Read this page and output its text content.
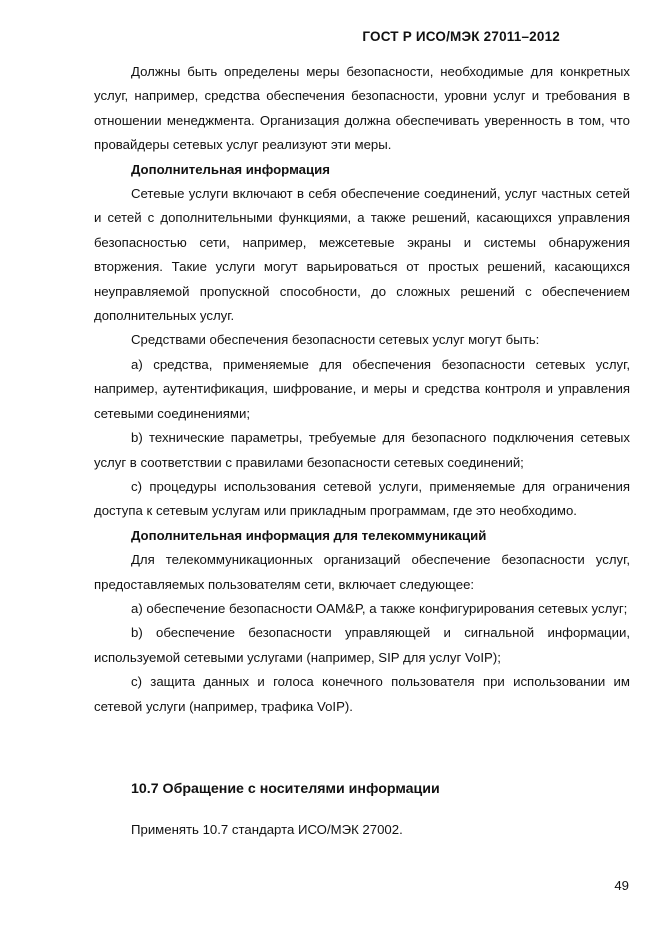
ГОСТ Р ИСО/МЭК 27011–2012

Должны быть определены меры безопасности, необходимые для конкретных услуг, например, средства обеспечения безопасности, уровни услуг и требования в отношении менеджмента. Организация должна обеспечивать уверенность в том, что провайдеры сетевых услуг реализуют эти меры.

Дополнительная информация

Сетевые услуги включают в себя обеспечение соединений, услуг частных сетей и сетей с дополнительными функциями, а также решений, касающихся управления безопасностью сети, например, межсетевые экраны и системы обнаружения вторжения. Такие услуги могут варьироваться от простых решений, касающихся неуправляемой пропускной способности, до сложных решений с обеспечением дополнительных услуг.

Средствами обеспечения безопасности сетевых услуг могут быть:

a) средства, применяемые для обеспечения безопасности сетевых услуг, например, аутентификация, шифрование, и меры и средства контроля и управления сетевыми соединениями;

b) технические параметры, требуемые для безопасного подключения сетевых услуг в соответствии с правилами безопасности сетевых соединений;

c) процедуры использования сетевой услуги, применяемые для ограничения доступа к сетевым услугам или прикладным программам, где это необходимо.

Дополнительная информация для телекоммуникаций

Для телекоммуникационных организаций обеспечение безопасности услуг, предоставляемых пользователям сети, включает следующее:

a) обеспечение безопасности OAM&P, а также конфигурирования сетевых услуг;

b) обеспечение безопасности управляющей и сигнальной информации, используемой сетевыми услугами (например, SIP для услуг VoIP);

c) защита данных и голоса конечного пользователя при использовании им сетевой услуги (например, трафика VoIP).

10.7 Обращение с носителями информации
Применять 10.7 стандарта ИСО/МЭК 27002.
49
